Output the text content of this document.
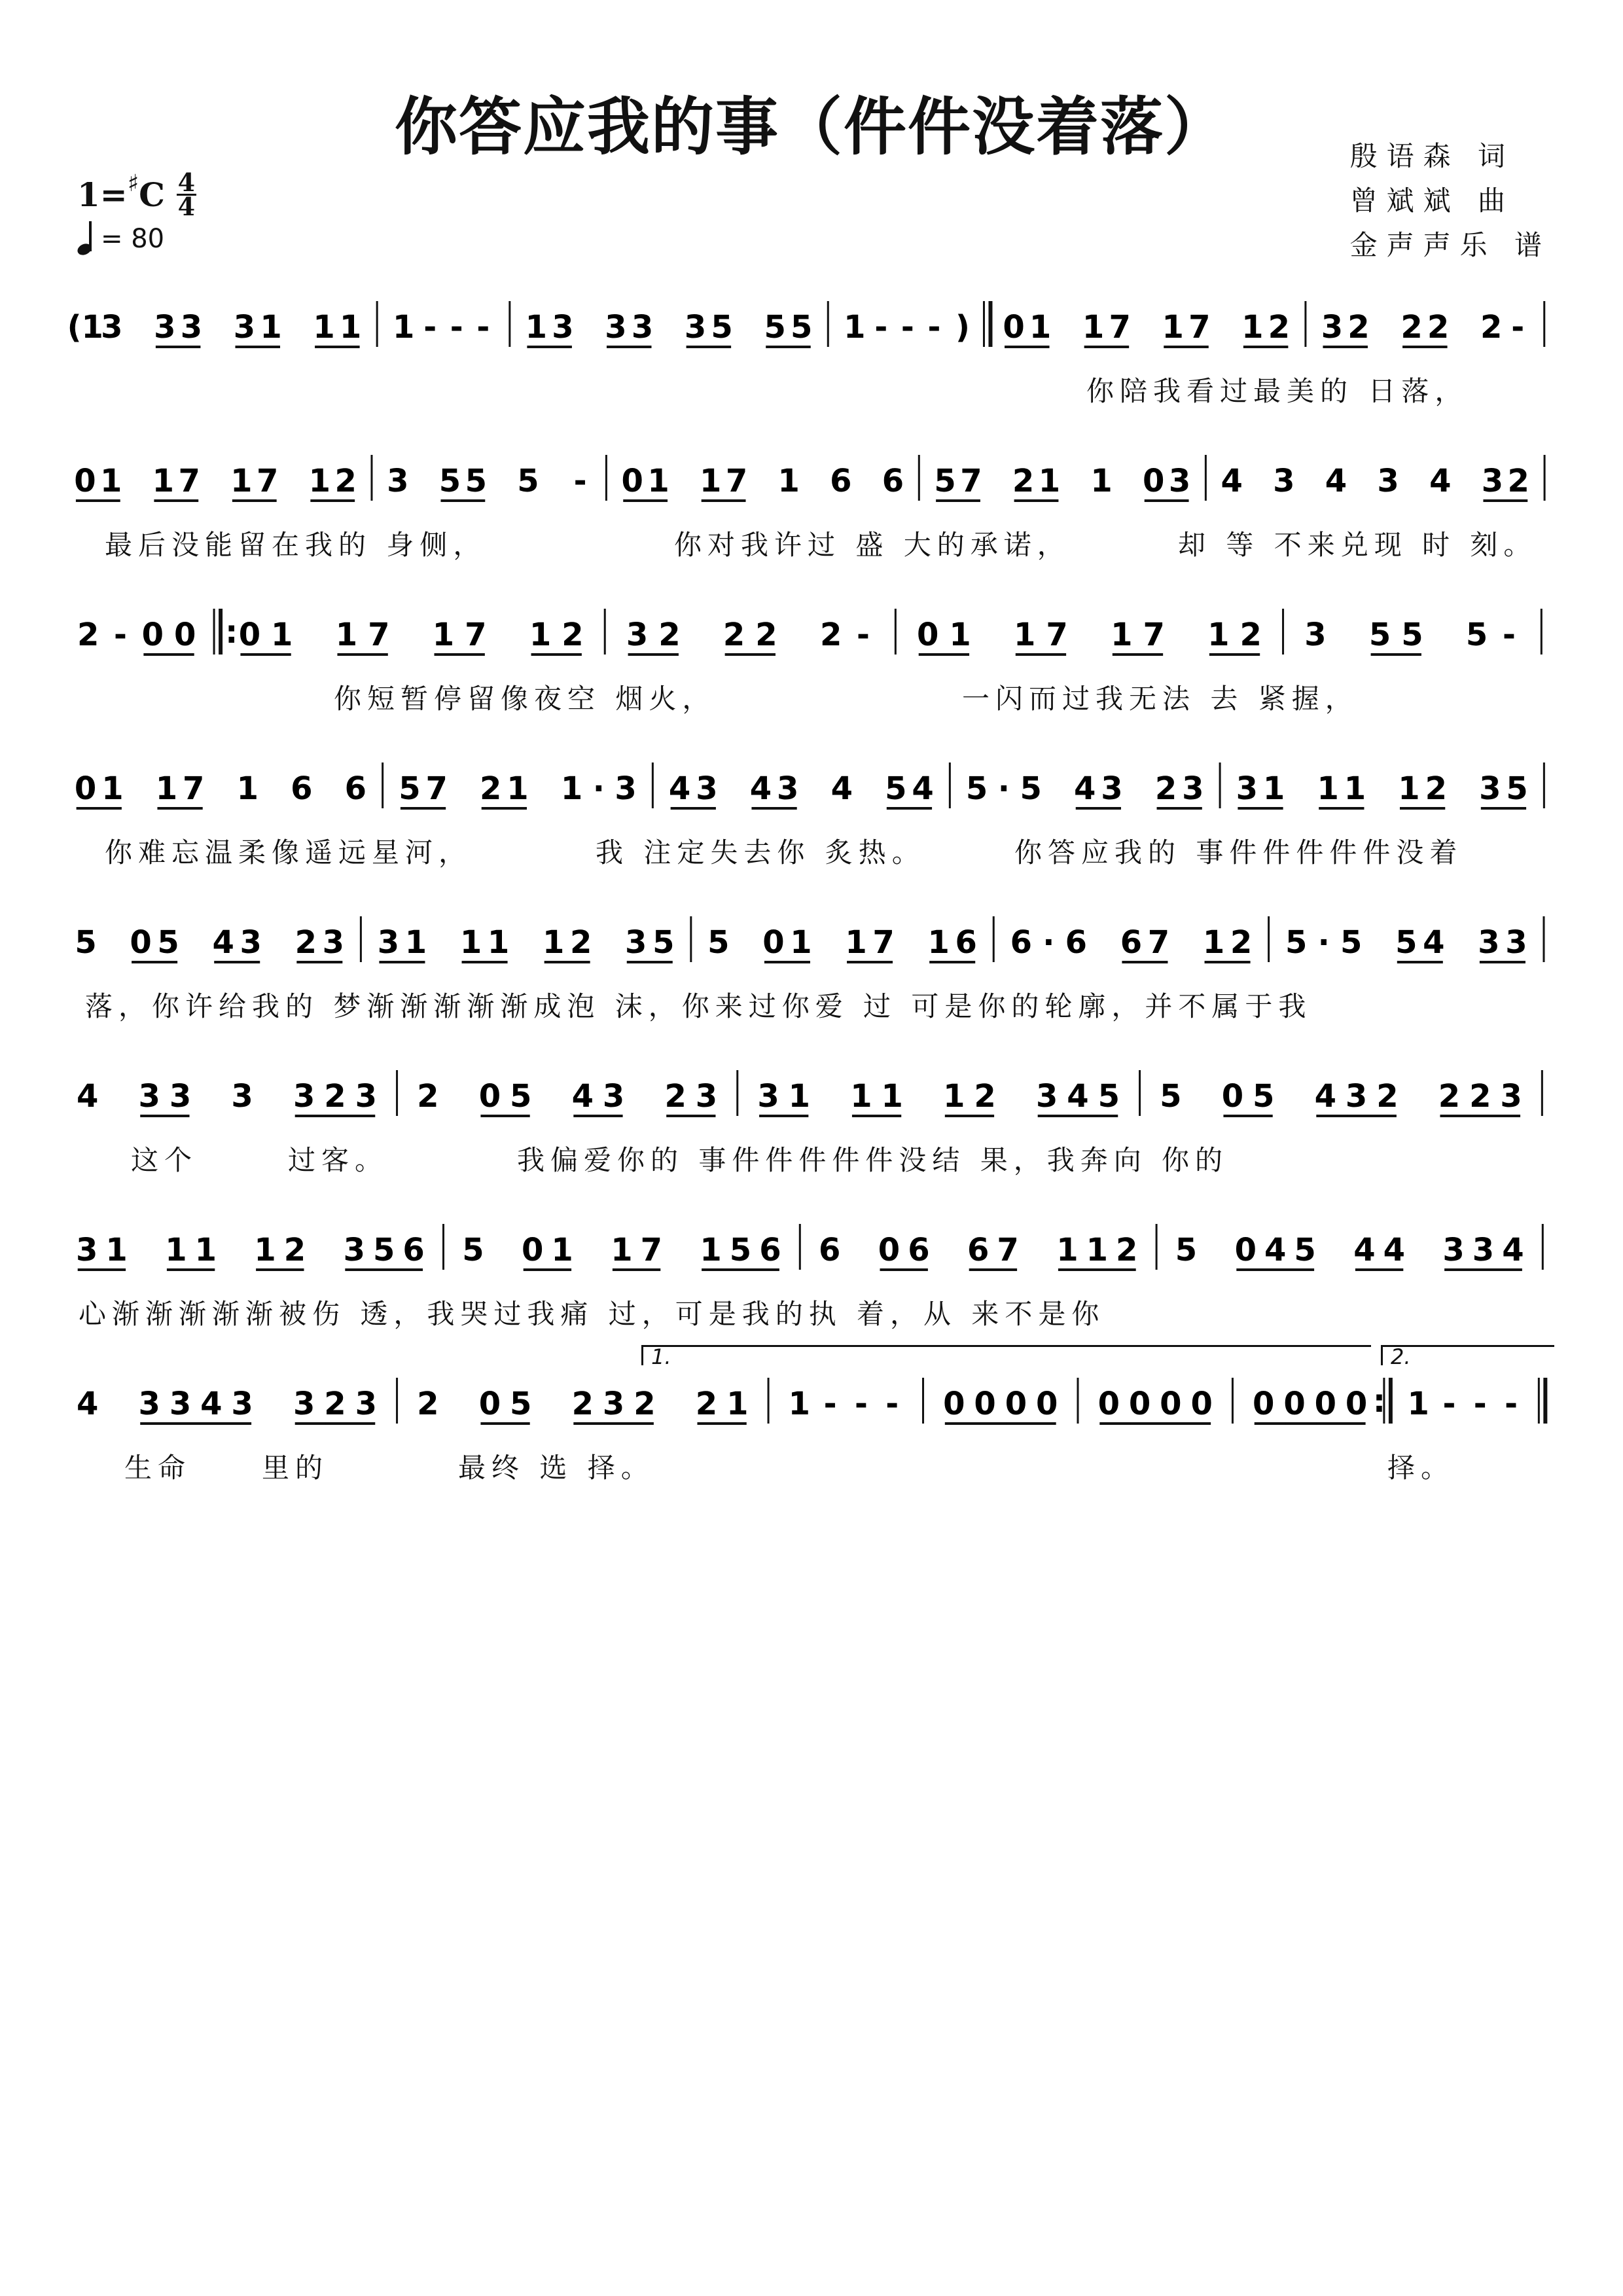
你答应我的事（件件没着落）	殷语森 词
曾斌斌 曲
金声声乐 谱
1= ♯ C 4
4
= 80
(1
3 3 3 3 1 1 1 1 - - - 1 3 3 3 3 5 5 5 1 - - - ) 0 1 1 7 1 7 1 2 3 2 2 2 2 -
你陪我看过最美的 日落，
0 1 1 7 1 7 1 2 3 5 5 5 - 0 1 1 7 1 6 6 5 7 2 1 1 0 3 4 3 4 3 4 3 2
最后没能留在我的 身侧，	你对我许过 盛 大的承诺，	却 等 不来兑现 时 刻。
2 - 0 0 : 0 1 1 7 1 7 1 2 3 2 2 2 2 - 0 1 1 7 1 7 1 2 3 5 5 5 -
你短暂停留像夜空 烟火，	一闪而过我无法 去 紧握，
0 1 1 7 1 6 6 5 7 2 1 1 · 3 4 3 4 3 4 5 4 5 · 5 4 3 2 3 3 1 1 1 1 2 3 5
你难忘温柔像遥远星河，	我 注定失去你 炙热。	你答应我的 事件件件件件没着
5 0 5 4 3 2 3 3 1 1 1 1 2 3 5 5 0 1 1 7 1 6 6 · 6 6 7 1 2 5 · 5 5 4 3 3
落，你许给我的 梦渐渐渐渐渐成泡 沫，你来过你爱 过 可是你的轮廓，并不属于我
4 3 3 3 3 2 3 2 0 5 4 3 2 3 3 1 1 1 1 2 3 4 5 5 0 5 4 3 2 2 2 3
这个	过客。	我偏爱你的 事件件件件件没结 果，我奔向 你的
3 1 1 1 1 2 3 5 6 5 0 1 1 7 1 5 6 6 0 6 6 7 1 1 2 5 0 4 5 4 4 3 3 4
心渐渐渐渐渐被伤 透，我哭过我痛 过，可是我的执 着，从 来不是你
4 3 3 4 3 3 2 3 2 0 5 2 3 2 2 1 1 - - - 0 0 0 0 0 0 0 0 0 0 0 0 : 1 - - -
生命	里的	最终 选 择。	择。
1.	2.
